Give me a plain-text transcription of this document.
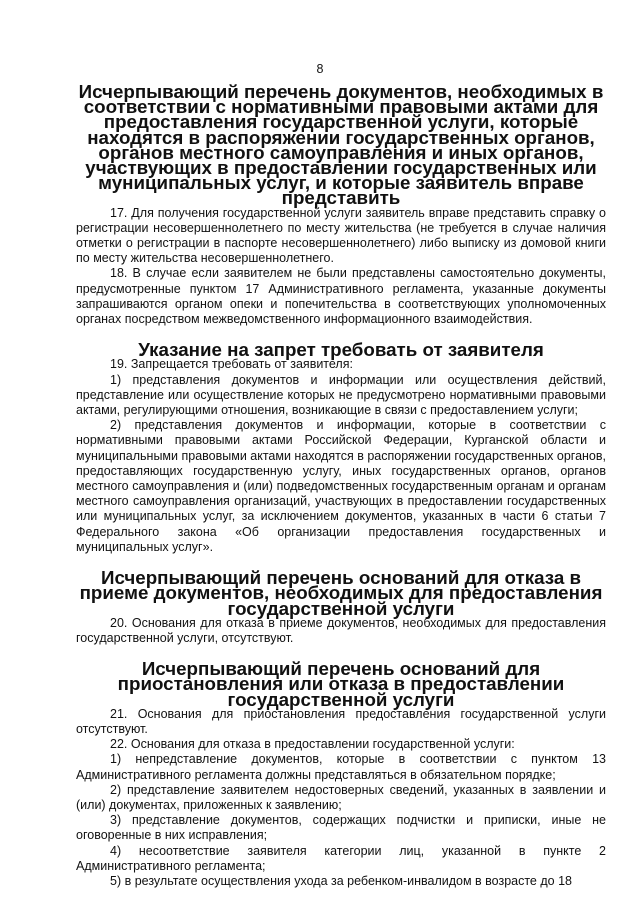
8
Исчерпывающий перечень документов, необходимых в соответствии с нормативными правовыми актами для предоставления государственной услуги, которые находятся в распоряжении государственных органов, органов местного самоуправления и иных органов, участвующих в предоставлении государственных или муниципальных услуг, и которые заявитель вправе представить

17. Для получения государственной услуги заявитель вправе представить справку о регистрации несовершеннолетнего по месту жительства (не требуется в случае наличия отметки о регистрации в паспорте несовершеннолетнего) либо выписку из домовой книги по месту жительства несовершеннолетнего.

18. В случае если заявителем не были представлены самостоятельно документы, предусмотренные пунктом 17 Административного регламента, указанные документы запрашиваются органом опеки и попечительства в соответствующих уполномоченных органах посредством межведомственного информационного взаимодействия.

Указание на запрет требовать от заявителя

19. Запрещается требовать от заявителя:

1) представления документов и информации или осуществления действий, представление или осуществление которых не предусмотрено нормативными правовыми актами, регулирующими отношения, возникающие в связи с предоставлением услуги;

2) представления документов и информации, которые в соответствии с нормативными правовыми актами Российской Федерации, Курганской области и муниципальными правовыми актами находятся в распоряжении государственных органов, предоставляющих государственную услугу, иных государственных органов, органов местного самоуправления и (или) подведомственных государственным органам и органам местного самоуправления организаций, участвующих в предоставлении государственных или муниципальных услуг, за исключением документов, указанных в части 6 статьи 7 Федерального закона «Об организации предоставления государственных и муниципальных услуг».

Исчерпывающий перечень оснований для отказа в приеме документов, необходимых для предоставления государственной услуги

20. Основания для отказа в приеме документов, необходимых для предоставления государственной услуги, отсутствуют.

Исчерпывающий перечень оснований для приостановления или отказа в предоставлении государственной услуги

21. Основания для приостановления предоставления государственной услуги отсутствуют.

22. Основания для отказа в предоставлении государственной услуги:

1) непредставление документов, которые в соответствии с пунктом 13 Административного регламента должны представляться в обязательном порядке;

2) представление заявителем недостоверных сведений, указанных в заявлении и (или) документах, приложенных к заявлению;

3) представление документов, содержащих подчистки и приписки, иные не оговоренные в них исправления;

4) несоответствие заявителя категории лиц, указанной в пункте 2 Административного регламента;

5) в результате осуществления ухода за ребенком-инвалидом в возрасте до 18
